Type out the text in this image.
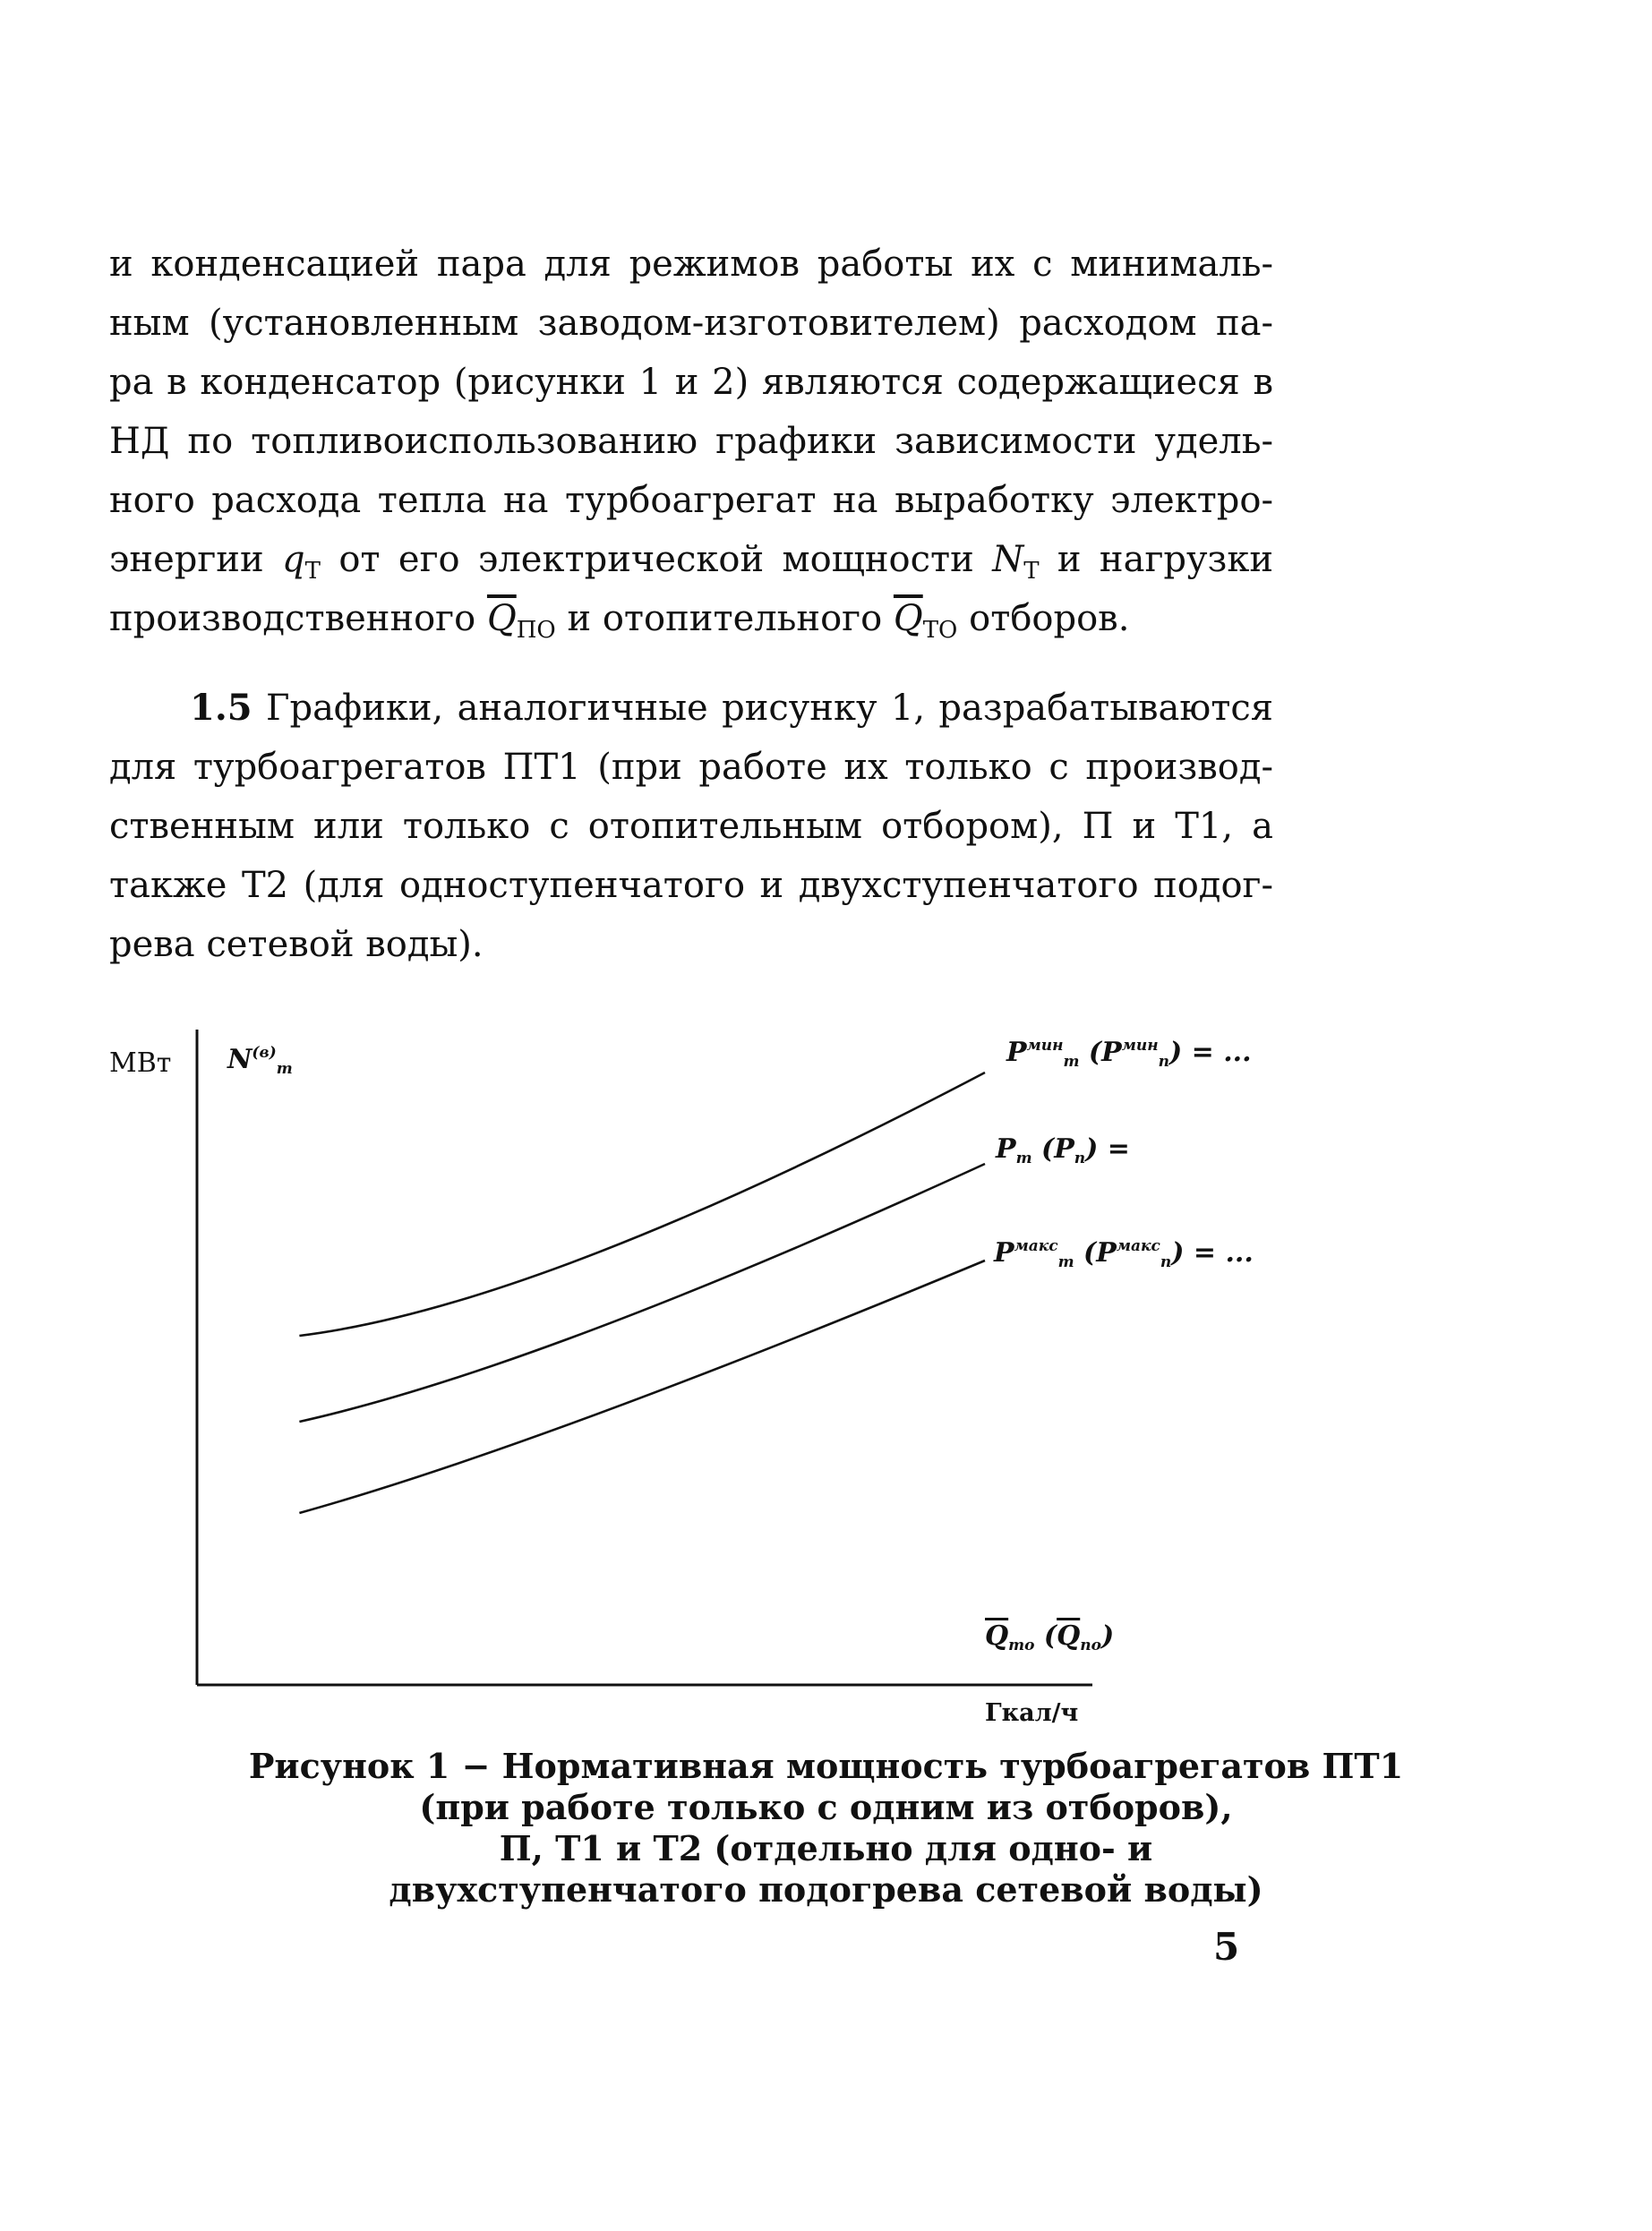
и конденсацией пара для режимов работы их с минималь-
ным (установленным заводом-изготовителем) расходом па-
ра в конденсатор (рисунки 1 и 2) являются содержащиеся в
НД по топливоиспользованию графики зависимости удель-
ного расхода тепла на турбоагрегат на выработку электро-
энергии $q_Т$ от его электрической мощности $N_Т$ и нагрузки
производственного $\overline{Q}_{ПО}$ и отопительного $\overline{Q}_{ТО}$ отборов.
1.5 Графики, аналогичные рисунку 1, разрабатываются
для турбоагрегатов ПТ1 (при работе их только с производ-
ственным или только с отопительным отбором), П и Т1, а
также Т2 (для одноступенчатого и двухступенчатого подог-
рева сетевой воды).
МВт $N^{(в)}_т$
$P^{мин}_т$ $(P^{мин}_п)$ = ...
$P_т$ $(P_п)$ =
$P^{макс}_т$ $(P^{макс}_п)$ = ...
$\overline{Q}_{то}$ $(\overline{Q}_{по})$
Гкал/ч
Рисунок 1 − Нормативная мощность турбоагрегатов ПТ1
(при работе только с одним из отборов),
П, Т1 и Т2 (отдельно для одно- и
двухступенчатого подогрева сетевой воды)
5
